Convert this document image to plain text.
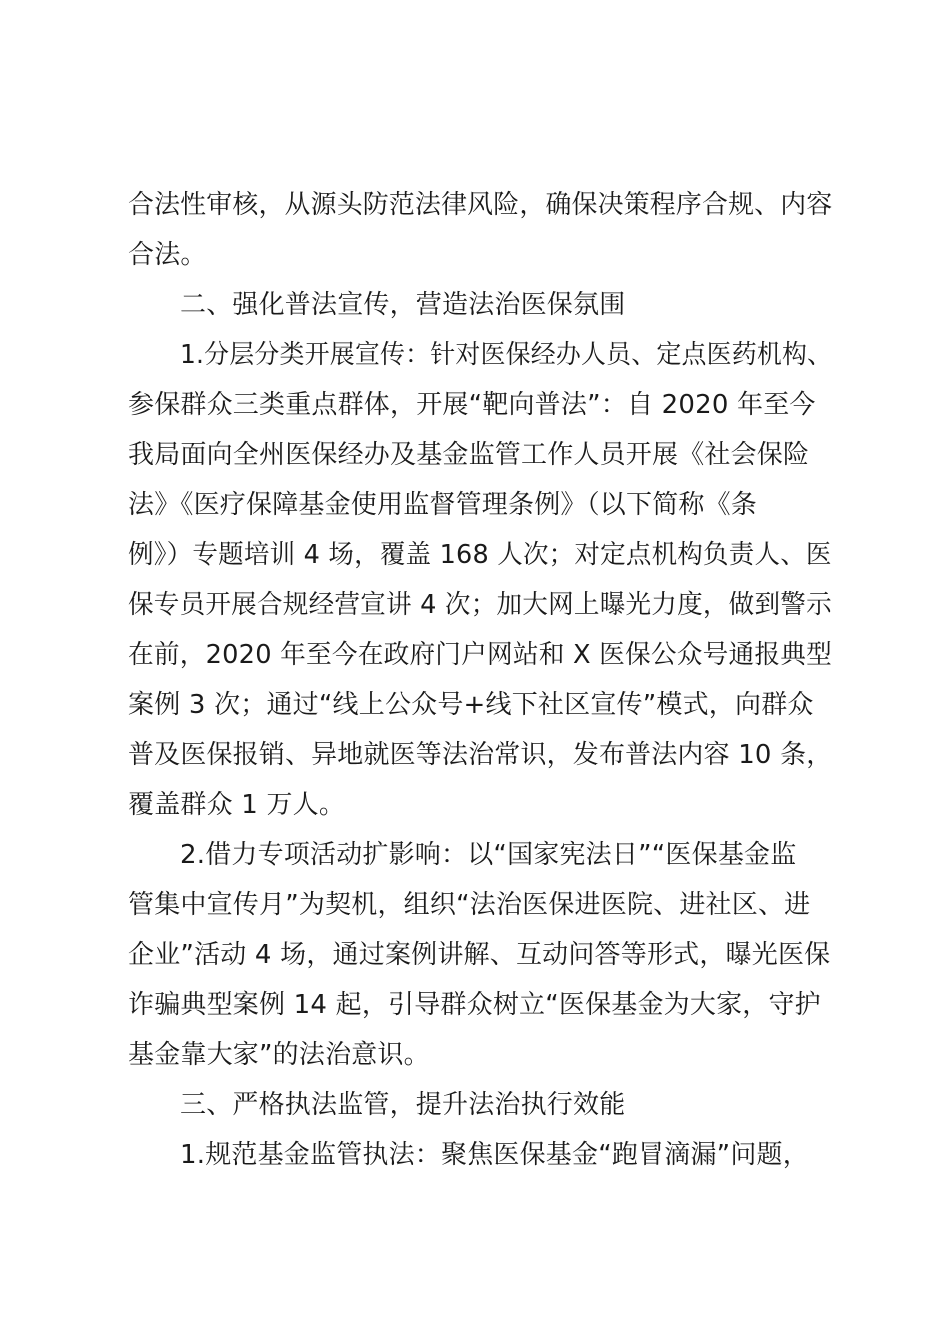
合法性审核，从源头防范法律风险，确保决策程序合规、内容
合法。
二、强化普法宣传，营造法治医保氛围
1.分层分类开展宣传：针对医保经办人员、定点医药机构、
参保群众三类重点群体，开展“靶向普法”：自 2020 年至今
我局面向全州医保经办及基金监管工作人员开展《社会保险
法》《医疗保障基金使用监督管理条例》（以下简称《条
例》）专题培训 4 场，覆盖 168 人次；对定点机构负责人、医
保专员开展合规经营宣讲 4 次；加大网上曝光力度，做到警示
在前，2020 年至今在政府门户网站和 X 医保公众号通报典型
案例 3 次；通过“线上公众号+线下社区宣传”模式，向群众
普及医保报销、异地就医等法治常识，发布普法内容 10 条，
覆盖群众 1 万人。
2.借力专项活动扩影响：以“国家宪法日”“医保基金监
管集中宣传月”为契机，组织“法治医保进医院、进社区、进
企业”活动 4 场，通过案例讲解、互动问答等形式，曝光医保
诈骗典型案例 14 起，引导群众树立“医保基金为大家，守护
基金靠大家”的法治意识。
三、严格执法监管，提升法治执行效能
1.规范基金监管执法：聚焦医保基金“跑冒滴漏”问题，
